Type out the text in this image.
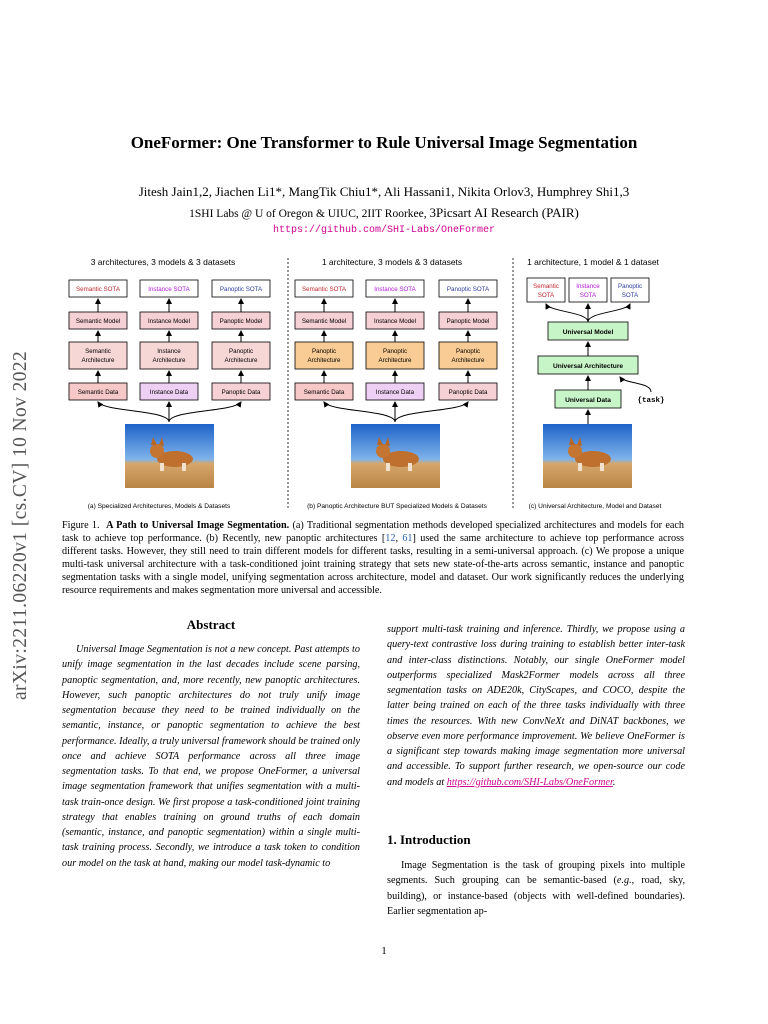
OneFormer: One Transformer to Rule Universal Image Segmentation
Jitesh Jain1,2, Jiachen Li1*, MangTik Chiu1*, Ali Hassani1, Nikita Orlov3, Humphrey Shi1,3
1SHI Labs @ U of Oregon & UIUC, 2IIT Roorkee, 3Picsart AI Research (PAIR)
https://github.com/SHI-Labs/OneFormer
arXiv:2211.06220v1 [cs.CV] 10 Nov 2022
3 architectures, 3 models & 3 datasets
Semantic SOTA	Instance SOTA	Panoptic SOTA
Semantic Model	Instance Model	Panoptic Model
Semantic
Architecture
Instance
Architecture
Panoptic
Architecture
Semantic Data	Instance Data	Panoptic Data
(a) Specialized Architectures, Models & Datasets
1 architecture, 3 models & 3 datasets
Semantic SOTA	Instance SOTA	Panoptic SOTA
Semantic Model	Instance Model	Panoptic Model
Panoptic
Architecture
Panoptic
Architecture
Panoptic
Architecture
Semantic Data	Instance Data	Panoptic Data
(b) Panoptic Architecture BUT Specialized Models & Datasets
1 architecture, 1 model & 1 dataset
Semantic
SOTA
Instance
SOTA
Panoptic
SOTA
Universal Model
Universal Architecture
Universal Data	{task}
(c) Universal Architecture, Model and Dataset
Figure 1. A Path to Universal Image Segmentation. (a) Traditional segmentation methods developed specialized architectures and models for each task to achieve top performance. (b) Recently, new panoptic architectures [12, 61] used the same architecture to achieve top performance across different tasks. However, they still need to train different models for different tasks, resulting in a semi-universal approach. (c) We propose a unique multi-task universal architecture with a task-conditioned joint training strategy that sets new state-of-the-arts across semantic, instance and panoptic segmentation tasks with a single model, unifying segmentation across architecture, model and dataset. Our work significantly reduces the underlying resource requirements and makes segmentation more universal and accessible.
Abstract
Universal Image Segmentation is not a new concept. Past attempts to unify image segmentation in the last decades include scene parsing, panoptic segmentation, and, more recently, new panoptic architectures. However, such panoptic architectures do not truly unify image segmentation because they need to be trained individually on the semantic, instance, or panoptic segmentation to achieve the best performance. Ideally, a truly universal framework should be trained only once and achieve SOTA performance across all three image segmentation tasks. To that end, we propose OneFormer, a universal image segmentation framework that unifies segmentation with a multi-task train-once design. We first propose a task-conditioned joint training strategy that enables training on ground truths of each domain (semantic, instance, and panoptic segmentation) within a single multi-task training process. Secondly, we introduce a task token to condition our model on the task at hand, making our model task-dynamic to
support multi-task training and inference. Thirdly, we propose using a query-text contrastive loss during training to establish better inter-task and inter-class distinctions. Notably, our single OneFormer model outperforms specialized Mask2Former models across all three segmentation tasks on ADE20k, CityScapes, and COCO, despite the latter being trained on each of the three tasks individually with three times the resources. With new ConvNeXt and DiNAT backbones, we observe even more performance improvement. We believe OneFormer is a significant step towards making image segmentation more universal and accessible. To support further research, we open-source our code and models at https://github.com/SHI-Labs/OneFormer.
1. Introduction
Image Segmentation is the task of grouping pixels into multiple segments. Such grouping can be semantic-based (e.g., road, sky, building), or instance-based (objects with well-defined boundaries). Earlier segmentation ap-
1
